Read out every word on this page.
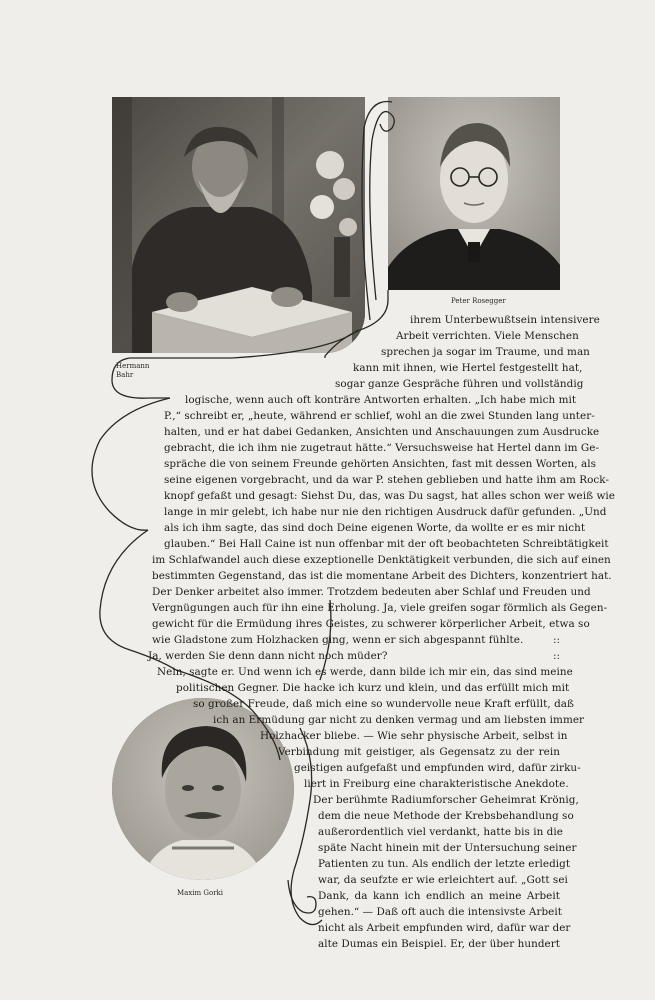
Hermann
Bahr
Peter Rosegger
Maxim Gorki
ihrem Unterbewußtsein intensivere
Arbeit verrichten. Viele Menschen
sprechen ja sogar im Traume, und man
kann mit ihnen, wie Hertel festgestellt hat,
sogar ganze Gespräche führen und vollständig
logische, wenn auch oft konträre Antworten erhalten. „Ich habe mich mit
P.,“ schreibt er, „heute, während er schlief, wohl an die zwei Stunden lang unter-
halten, und er hat dabei Gedanken, Ansichten und Anschauungen zum Ausdrucke
gebracht, die ich ihm nie zugetraut hätte.“ Versuchsweise hat Hertel dann im Ge-
spräche die von seinem Freunde gehörten Ansichten, fast mit dessen Worten, als
seine eigenen vorgebracht, und da war P. stehen geblieben und hatte ihm am Rock-
knopf gefaßt und gesagt: Siehst Du, das, was Du sagst, hat alles schon wer weiß wie
lange in mir gelebt, ich habe nur nie den richtigen Ausdruck dafür gefunden. „Und
als ich ihm sagte, das sind doch Deine eigenen Worte, da wollte er es mir nicht
glauben.“ Bei Hall Caine ist nun offenbar mit der oft beobachteten Schreibtätigkeit
im Schlafwandel auch diese exzeptionelle Denktätigkeit verbunden, die sich auf einen
bestimmten Gegenstand, das ist die momentane Arbeit des Dichters, konzentriert hat.
Der Denker arbeitet also immer. Trotzdem bedeuten aber Schlaf und Freuden und
Vergnügungen auch für ihn eine Erholung. Ja, viele greifen sogar förmlich als Gegen-
gewicht für die Ermüdung ihres Geistes, zu schwerer körperlicher Arbeit, etwa so
wie Gladstone zum Holzhacken ging, wenn er sich abgespannt fühlte.
Ja, werden Sie denn dann nicht noch müder?
Nein, sagte er. Und wenn ich es werde, dann bilde ich mir ein, das sind meine
politischen Gegner. Die hacke ich kurz und klein, und das erfüllt mich mit
so großer Freude, daß mich eine so wundervolle neue Kraft erfüllt, daß
ich an Ermüdung gar nicht zu denken vermag und am liebsten immer
Holzhacker bliebe. — Wie sehr physische Arbeit, selbst in
Verbindung mit geistiger, als Gegensatz zu der rein
geistigen aufgefaßt und empfunden wird, dafür zirku-
liert in Freiburg eine charakteristische Anekdote.
Der berühmte Radiumforscher Geheimrat Krönig,
dem die neue Methode der Krebsbehandlung so
außerordentlich viel verdankt, hatte bis in die
späte Nacht hinein mit der Untersuchung seiner
Patienten zu tun. Als endlich der letzte erledigt
war, da seufzte er wie erleichtert auf. „Gott sei
Dank, da kann ich endlich an meine Arbeit
gehen.“ — Daß oft auch die intensivste Arbeit
nicht als Arbeit empfunden wird, dafür war der
alte Dumas ein Beispiel. Er, der über hundert
::
::
